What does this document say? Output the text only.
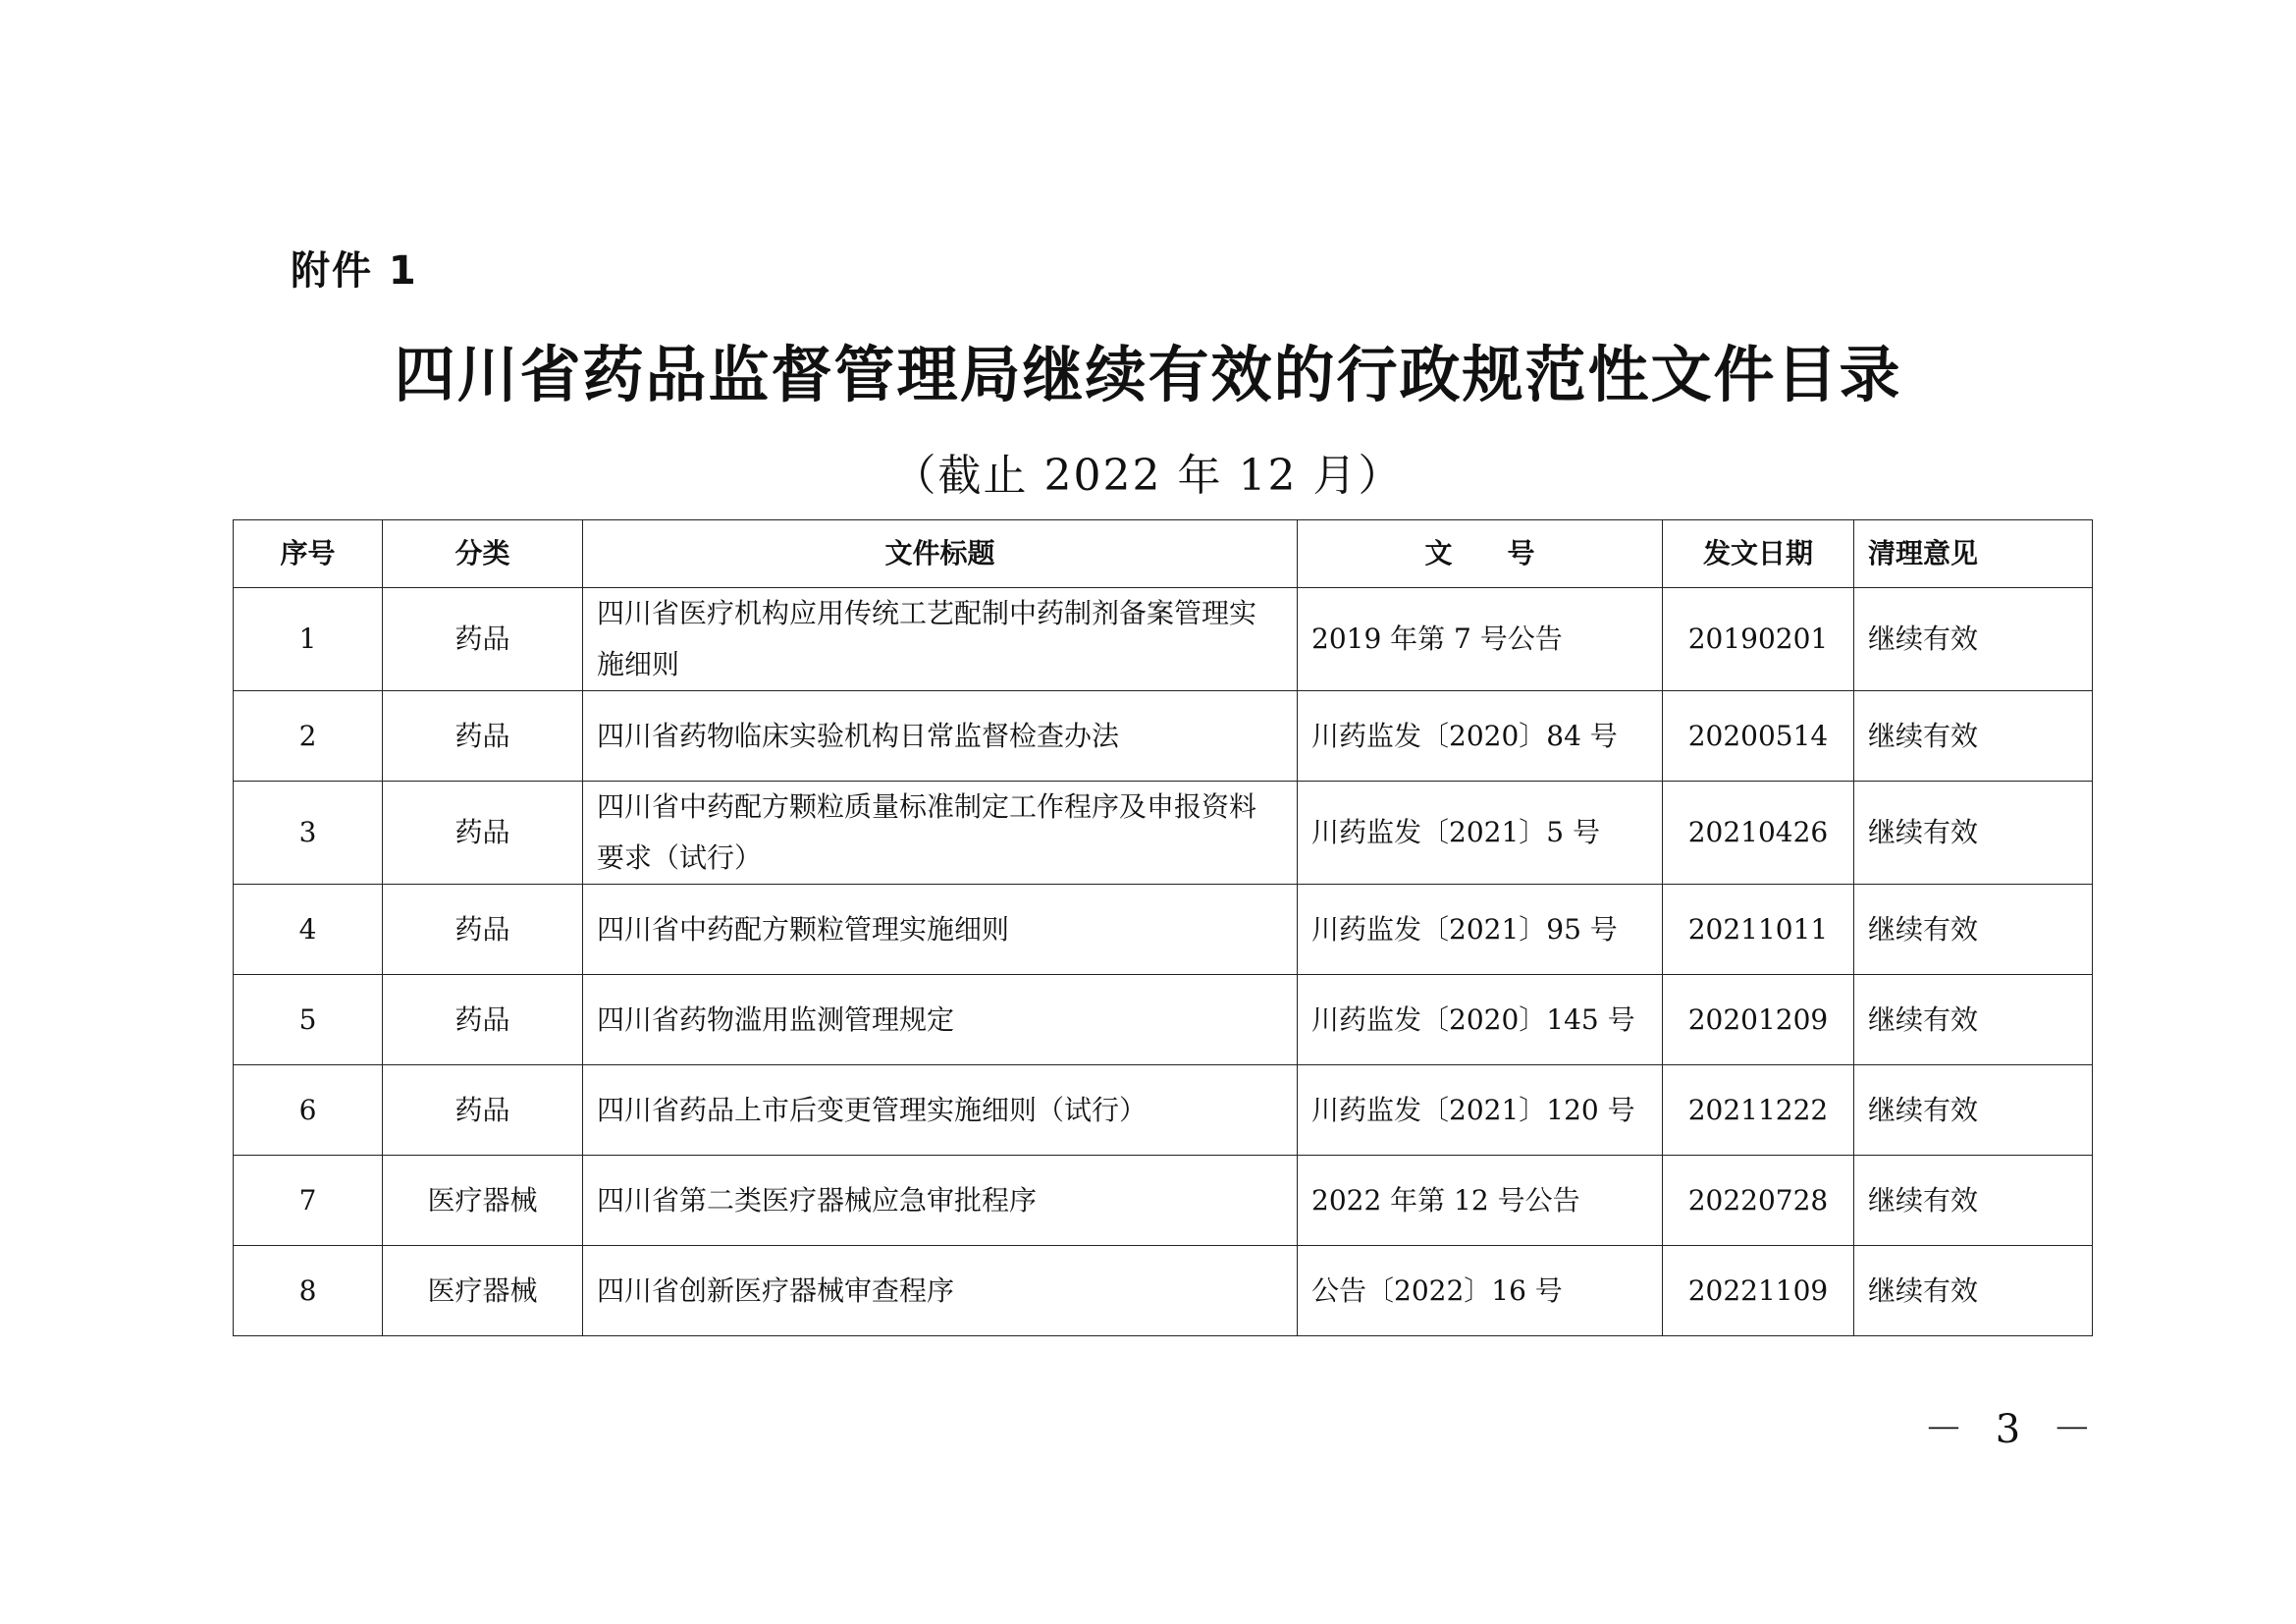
附件 1
四川省药品监督管理局继续有效的行政规范性文件目录
（截止 2022 年 12 月）
序号	分类	文件标题	文　　号	发文日期	清理意见
1	药品	四川省医疗机构应用传统工艺配制中药制剂备案管理实施细则	2019 年第 7 号公告	20190201	继续有效
2	药品	四川省药物临床实验机构日常监督检查办法	川药监发〔2020〕84 号	20200514	继续有效
3	药品	四川省中药配方颗粒质量标准制定工作程序及申报资料要求（试行）	川药监发〔2021〕5 号	20210426	继续有效
4	药品	四川省中药配方颗粒管理实施细则	川药监发〔2021〕95 号	20211011	继续有效
5	药品	四川省药物滥用监测管理规定	川药监发〔2020〕145 号	20201209	继续有效
6	药品	四川省药品上市后变更管理实施细则（试行）	川药监发〔2021〕120 号	20211222	继续有效
7	医疗器械	四川省第二类医疗器械应急审批程序	2022 年第 12 号公告	20220728	继续有效
8	医疗器械	四川省创新医疗器械审查程序	公告〔2022〕16 号	20221109	继续有效
－ 3 －
